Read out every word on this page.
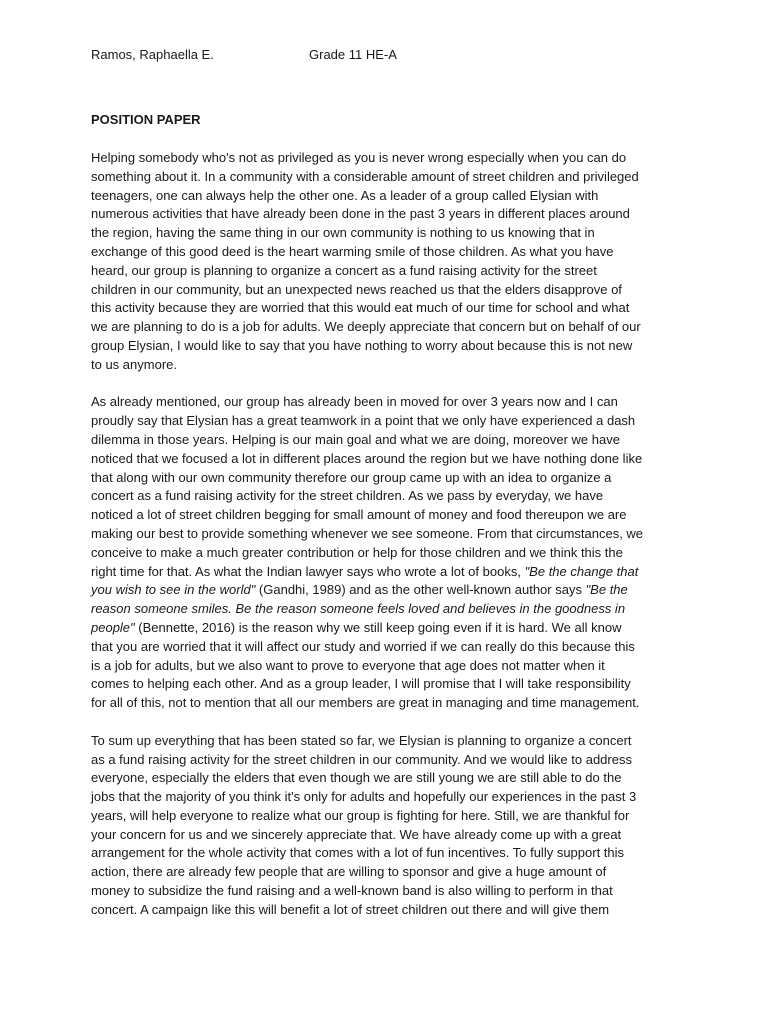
Ramos, Raphaella E.	Grade 11 HE-A
POSITION PAPER
Helping somebody who's not as privileged as you is never wrong especially when you can do
something about it. In a community with a considerable amount of street children and privileged
teenagers, one can always help the other one. As a leader of a group called Elysian with
numerous activities that have already been done in the past 3 years in different places around
the region, having the same thing in our own community is nothing to us knowing that in
exchange of this good deed is the heart warming smile of those children. As what you have
heard, our group is planning to organize a concert as a fund raising activity for the street
children in our community, but an unexpected news reached us that the elders disapprove of
this activity because they are worried that this would eat much of our time for school and what
we are planning to do is a job for adults. We deeply appreciate that concern but on behalf of our
group Elysian, I would like to say that you have nothing to worry about because this is not new
to us anymore.
As already mentioned, our group has already been in moved for over 3 years now and I can
proudly say that Elysian has a great teamwork in a point that we only have experienced a dash
dilemma in those years. Helping is our main goal and what we are doing, moreover we have
noticed that we focused a lot in different places around the region but we have nothing done like
that along with our own community therefore our group came up with an idea to organize a
concert as a fund raising activity for the street children. As we pass by everyday, we have
noticed a lot of street children begging for small amount of money and food thereupon we are
making our best to provide something whenever we see someone. From that circumstances, we
conceive to make a much greater contribution or help for those children and we think this the
right time for that. As what the Indian lawyer says who wrote a lot of books, "Be the change that
you wish to see in the world" (Gandhi, 1989) and as the other well-known author says "Be the
reason someone smiles. Be the reason someone feels loved and believes in the goodness in
people" (Bennette, 2016) is the reason why we still keep going even if it is hard. We all know
that you are worried that it will affect our study and worried if we can really do this because this
is a job for adults, but we also want to prove to everyone that age does not matter when it
comes to helping each other. And as a group leader, I will promise that I will take responsibility
for all of this, not to mention that all our members are great in managing and time management.
To sum up everything that has been stated so far, we Elysian is planning to organize a concert
as a fund raising activity for the street children in our community. And we would like to address
everyone, especially the elders that even though we are still young we are still able to do the
jobs that the majority of you think it's only for adults and hopefully our experiences in the past 3
years, will help everyone to realize what our group is fighting for here. Still, we are thankful for
your concern for us and we sincerely appreciate that. We have already come up with a great
arrangement for the whole activity that comes with a lot of fun incentives. To fully support this
action, there are already few people that are willing to sponsor and give a huge amount of
money to subsidize the fund raising and a well-known band is also willing to perform in that
concert. A campaign like this will benefit a lot of street children out there and will give them
